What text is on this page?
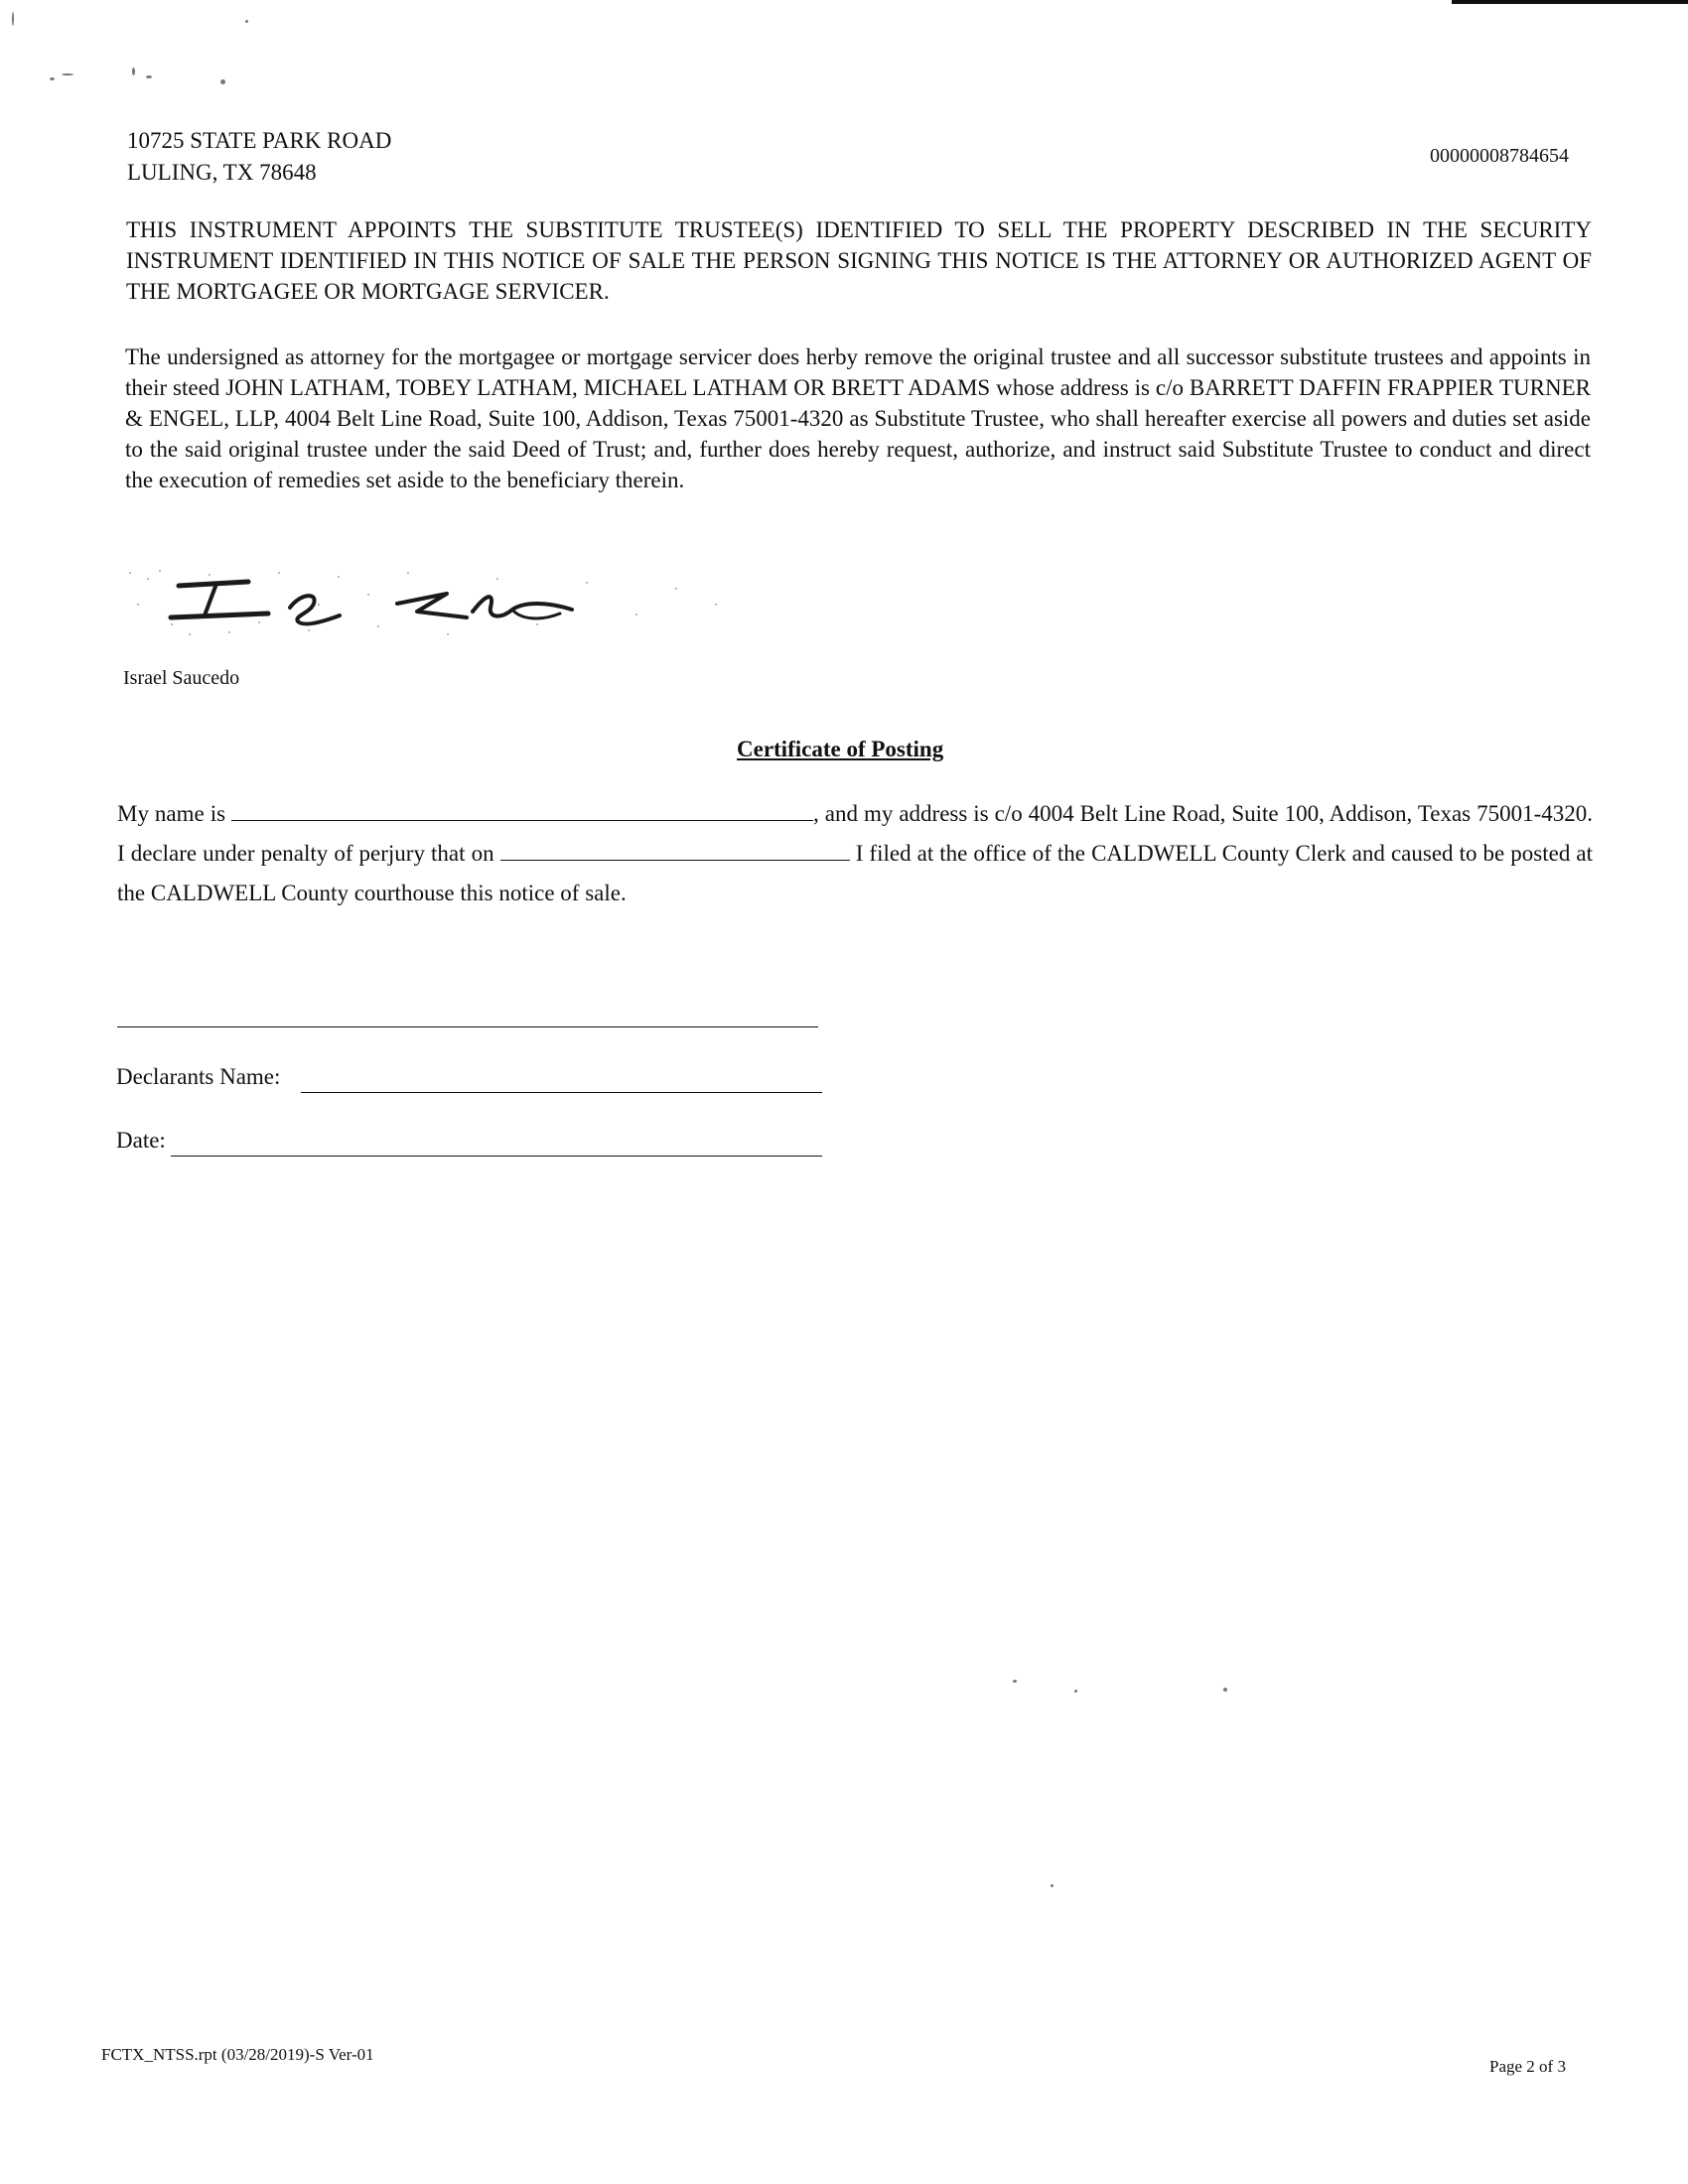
10725 STATE PARK ROAD
LULING, TX 78648
00000008784654
THIS INSTRUMENT APPOINTS THE SUBSTITUTE TRUSTEE(S) IDENTIFIED TO SELL THE PROPERTY DESCRIBED IN THE SECURITY INSTRUMENT IDENTIFIED IN THIS NOTICE OF SALE THE PERSON SIGNING THIS NOTICE IS THE ATTORNEY OR AUTHORIZED AGENT OF THE MORTGAGEE OR MORTGAGE SERVICER.
The undersigned as attorney for the mortgagee or mortgage servicer does herby remove the original trustee and all successor substitute trustees and appoints in their steed JOHN LATHAM, TOBEY LATHAM, MICHAEL LATHAM OR BRETT ADAMS whose address is c/o BARRETT DAFFIN FRAPPIER TURNER & ENGEL, LLP, 4004 Belt Line Road, Suite 100, Addison, Texas 75001-4320 as Substitute Trustee, who shall hereafter exercise all powers and duties set aside to the said original trustee under the said Deed of Trust; and, further does hereby request, authorize, and instruct said Substitute Trustee to conduct and direct the execution of remedies set aside to the beneficiary therein.
Israel Saucedo
Certificate of Posting
My name is	, and my address is c/o 4004 Belt Line Road, Suite 100, Addison, Texas 75001-4320. I declare under penalty of perjury that on	I filed at the office of the CALDWELL County Clerk and caused to be posted at the CALDWELL County courthouse this notice of sale.
Declarants Name:
Date:
FCTX_NTSS.rpt (03/28/2019)-S Ver-01
Page 2 of 3
